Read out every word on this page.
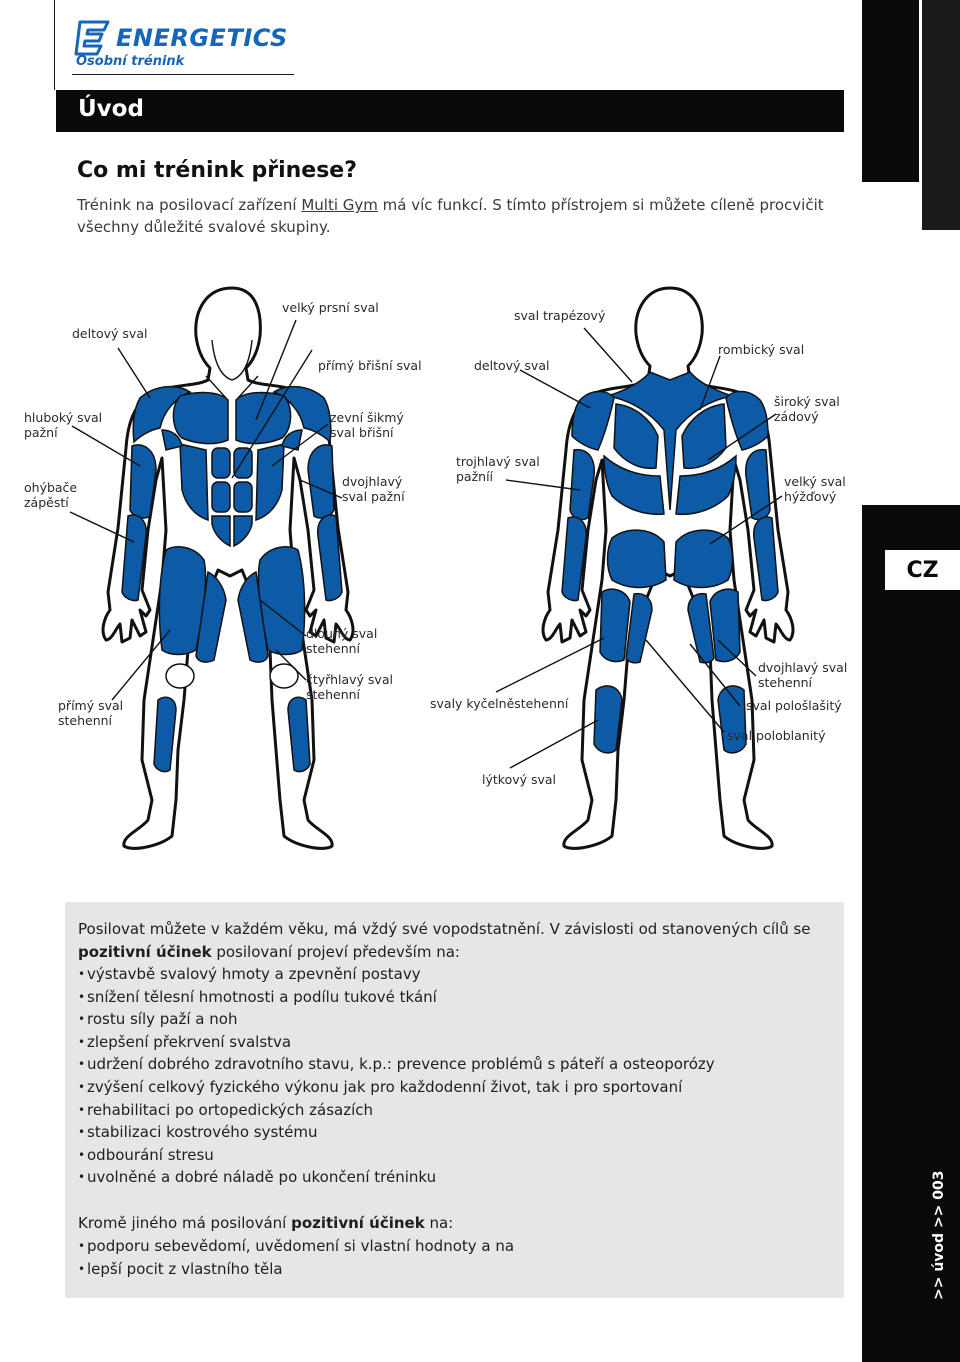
ENERGETICS
Osobní trénink
CZ
>> úvod >> 003
Úvod
Co mi trénink přinese?
Trénink na posilovací zařízení Multi Gym má víc funkcí. S tímto přístrojem si můžete cíleně procvičit všechny důležité svalové skupiny.
deltový sval
velký prsní sval
přímý břišní sval
sval trapézový
deltový sval
rombický sval
hluboký sval
pažní
zevní šikmý
sval břišní
široký sval
zádový
ohýbače
zápěstí
dvojhlavý
sval pažní
trojhlavý sval
pažníí	velký sval
hýžďový
dlouhý sval
stehenní
čtyřhlavý sval
stehenní
přímý sval
stehenní
svaly kyčelněstehenní
dvojhlavý sval
stehenní
sval pološlašitý
sval poloblanitý
lýtkový sval
Posilovat můžete v každém věku, má vždý své vopodstatnění. V závislosti od stanovených cílů se pozitivní účinek posilovaní projeví především na:
• výstavbě svalový hmoty a zpevnění postavy
• snížení tělesní hmotnosti a podílu tukové tkání
• rostu síly paží a noh
• zlepšení překrvení svalstva
• udržení dobrého zdravotního stavu, k.p.: prevence problémů s páteří a osteoporózy
• zvýšení celkový fyzického výkonu jak pro každodenní život, tak i pro sportovaní
• rehabilitaci po ortopedických zásazích
• stabilizaci kostrového systému
• odbourání stresu
• uvolněné a dobré náladě po ukončení tréninku
Kromě jiného má posilování pozitivní účinek na:
• podporu sebevědomí, uvědomení si vlastní hodnoty a na
• lepší pocit z vlastního těla
